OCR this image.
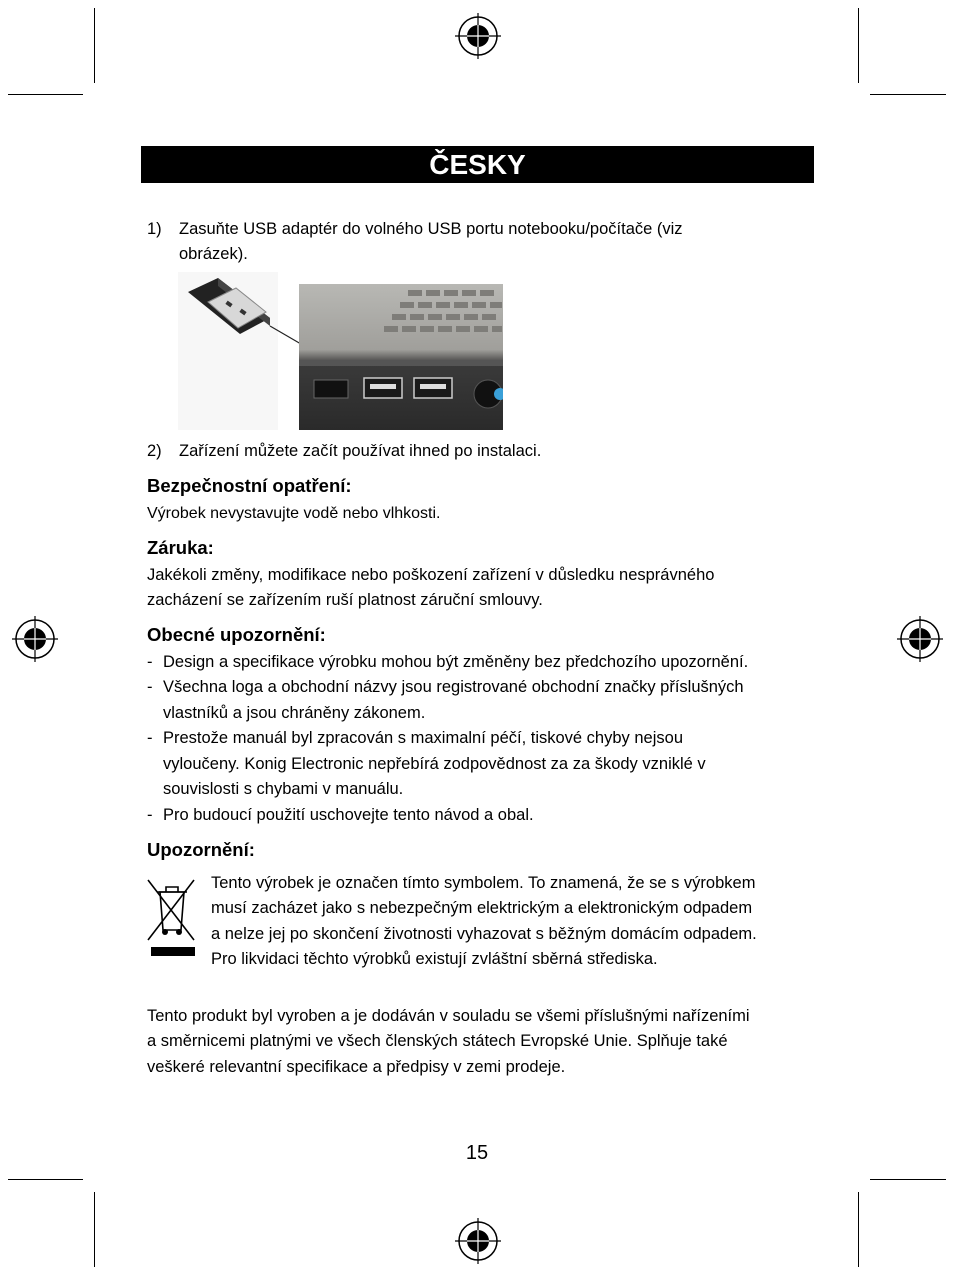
ČESKY
1) Zasuňte USB adaptér do volného USB portu notebooku/počítače (viz
obrázek).
2) Zařízení můžete začít používat ihned po instalaci.
Bezpečnostní opatření:
Výrobek nevystavujte vodě nebo vlhkosti.
Záruka:
Jakékoli změny, modifikace nebo poškození zařízení v důsledku nesprávného
zacházení se zařízením ruší platnost záruční smlouvy.
Obecné upozornění:
- Design a specifikace výrobku mohou být změněny bez předchozího upozornění.
- Všechna loga a obchodní názvy jsou registrované obchodní značky příslušných
vlastníků a jsou chráněny zákonem.
- Prestože manuál byl zpracován s maximalní péčí, tiskové chyby nejsou
vyloučeny. Konig Electronic nepřebírá zodpovědnost za za škody vzniklé v
souvislosti s chybami v manuálu.
- Pro budoucí použití uschovejte tento návod a obal.
Upozornění:
Tento výrobek je označen tímto symbolem. To znamená, že se s výrobkem
musí zacházet jako s nebezpečným elektrickým a elektronickým odpadem
a nelze jej po skončení životnosti vyhazovat s běžným domácím odpadem.
Pro likvidaci těchto výrobků existují zvláštní sběrná střediska.
Tento produkt byl vyroben a je dodáván v souladu se všemi příslušnými nařízeními
a směrnicemi platnými ve všech členských státech Evropské Unie. Splňuje také
veškeré relevantní specifikace a předpisy v zemi prodeje.
15
